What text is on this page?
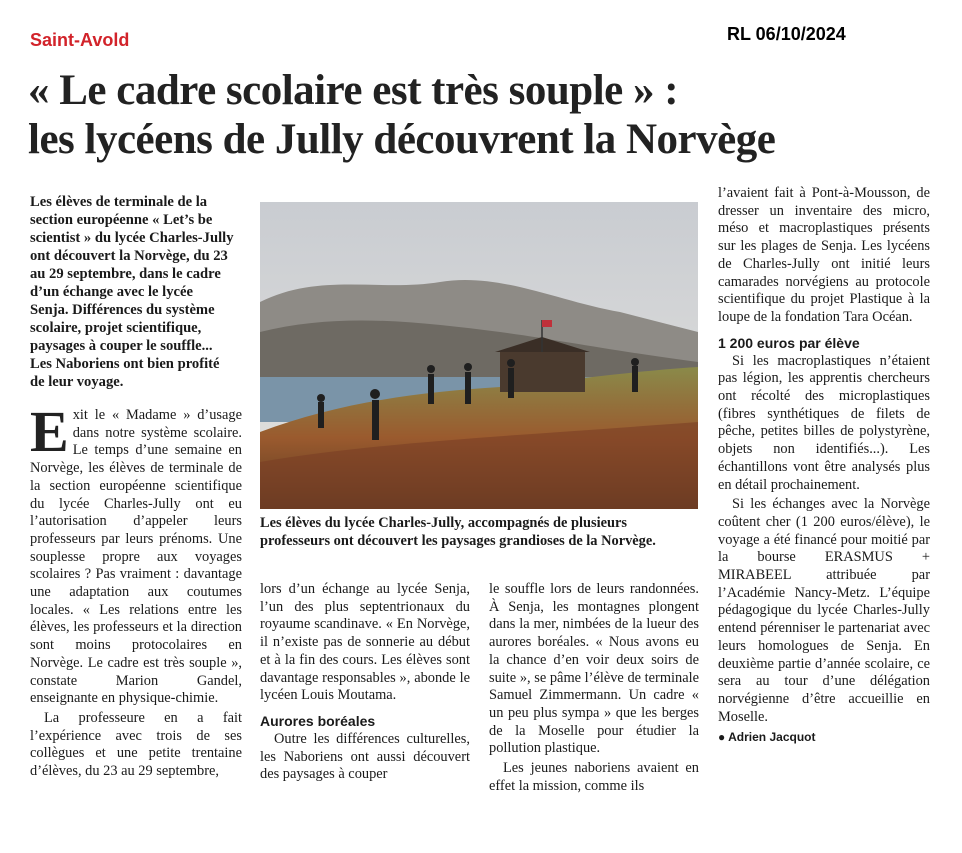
Saint-Avold	RL 06/10/2024
« Le cadre scolaire est très souple » :
les lycéens de Jully découvrent la Norvège
Les élèves de terminale de la section européenne « Let’s be scientist » du lycée Charles-Jully ont découvert la Norvège, du 23 au 29 septembre, dans le cadre d’un échange avec le lycée Senja. Différences du système scolaire, projet scientifique, paysages à couper le souffle... Les Naboriens ont bien profité de leur voyage.
Les élèves du lycée Charles-Jully, accompagnés de plusieurs professeurs ont découvert les paysages grandioses de la Norvège.

Exit le « Madame » d’usage dans notre système scolaire. Le temps d’une semaine en Norvège, les élèves de terminale de la section européenne scientifique du lycée Charles-Jully ont eu l’autorisation d’appeler leurs professeurs par leurs prénoms. Une souplesse propre aux voyages scolaires ? Pas vraiment : davantage une adaptation aux coutumes locales. « Les relations entre les élèves, les professeurs et la direction sont moins protocolaires en Norvège. Le cadre est très souple », constate Marion Gandel, enseignante en physique-chimie.

La professeure en a fait l’expérience avec trois de ses collègues et une petite trentaine d’élèves, du 23 au 29 septembre,

lors d’un échange au lycée Senja, l’un des plus septentrionaux du royaume scandinave. « En Norvège, il n’existe pas de sonnerie au début et à la fin des cours. Les élèves sont davantage responsables », abonde le lycéen Louis Moutama.

Aurores boréales

Outre les différences culturelles, les Naboriens ont aussi découvert des paysages à couper

le souffle lors de leurs randonnées. À Senja, les montagnes plongent dans la mer, nimbées de la lueur des aurores boréales. « Nous avons eu la chance d’en voir deux soirs de suite », se pâme l’élève de terminale Samuel Zimmermann. Un cadre « un peu plus sympa » que les berges de la Moselle pour étudier la pollution plastique.

Les jeunes naboriens avaient en effet la mission, comme ils

l’avaient fait à Pont-à-Mousson, de dresser un inventaire des micro, méso et macroplastiques présents sur les plages de Senja. Les lycéens de Charles-Jully ont initié leurs camarades norvégiens au protocole scientifique du projet Plastique à la loupe de la fondation Tara Océan.

1 200 euros par élève

Si les macroplastiques n’étaient pas légion, les apprentis chercheurs ont récolté des microplastiques (fibres synthétiques de filets de pêche, petites billes de polystyrène, objets non identifiés...). Les échantillons vont être analysés plus en détail prochainement.

Si les échanges avec la Norvège coûtent cher (1 200 euros/élève), le voyage a été financé pour moitié par la bourse ERASMUS + MIRABEEL attribuée par l’Académie Nancy-Metz. L’équipe pédagogique du lycée Charles-Jully entend pérenniser le partenariat avec leurs homologues de Senja. En deuxième partie d’année scolaire, ce sera au tour d’une délégation norvégienne d’être accueillie en Moselle.

● Adrien Jacquot
